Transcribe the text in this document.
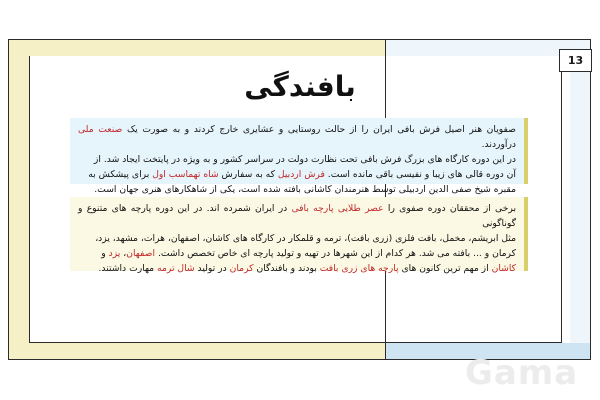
13
بافندگی
صفویان هنر اصیل فرش بافی ایران را از حالت روستایی و عشایری خارج کردند و به صورت یک صنعت ملی درآوردند.
در این دوره کارگاه های بزرگ فرش بافی تحت نظارت دولت در سراسر کشور و به ویژه در پایتخت ایجاد شد. از
آن دوره قالی های زیبا و نفیسی باقی مانده است. فرش اردبیل که به سفارش شاه تهماسب اول برای پیشکش به
مقبره شیخ صفی الدین اردبیلی توسط هنرمندان کاشانی بافته شده است، یکی از شاهکارهای هنری جهان است.
برخی از محققان دوره صفوی را عصر طلایی پارچه بافی در ایران شمرده اند. در این دوره پارچه های متنوع و گوناگونی
مثل ابریشم، مخمل، بافت فلزی (زری بافت)، ترمه و قلمکار در کارگاه های کاشان، اصفهان، هرات، مشهد، یزد،
کرمان و ... بافته می شد. هر کدام از این شهرها در تهیه و تولید پارچه ای خاص تخصص داشت. اصفهان، یزد و
کاشان از مهم ترین کانون های پارچه های زری بافت بودند و بافندگان کرمان در تولید شال ترمه مهارت داشتند.
Gama
